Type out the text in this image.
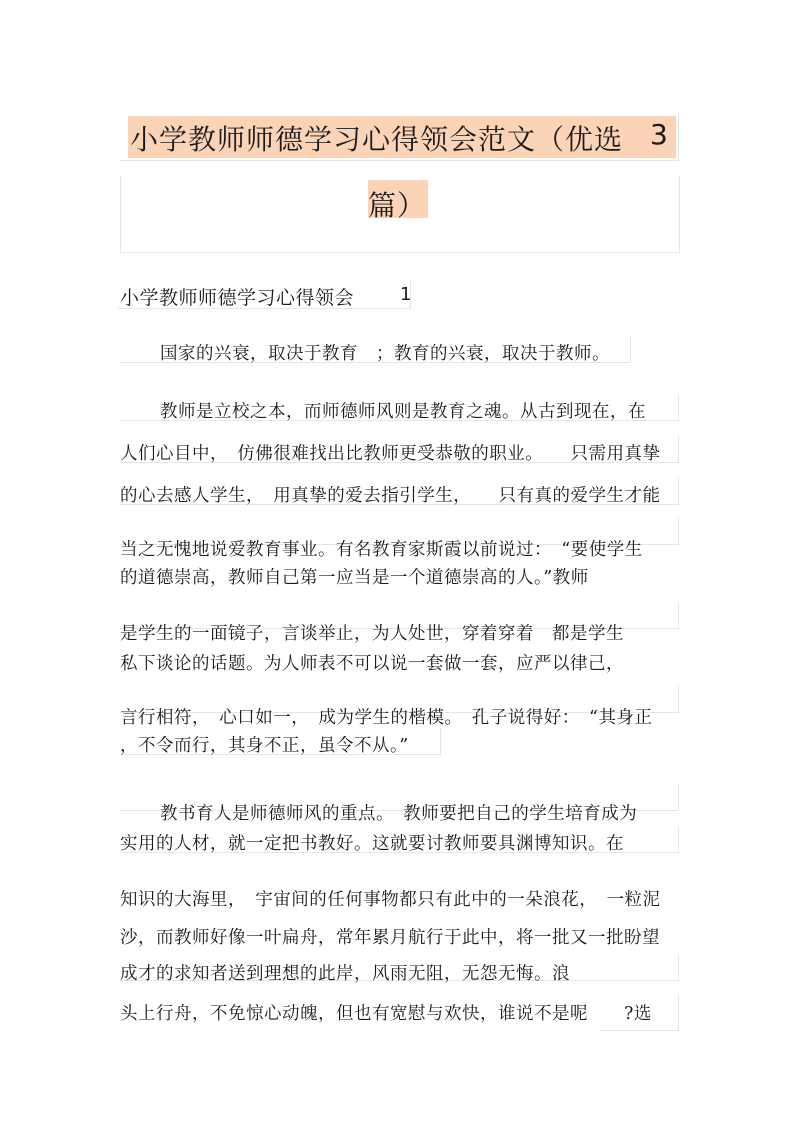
小学教师师德学习心得领会范文（优选 3
篇）
小学教师师德学习心得领会	1
国家的兴衰，取决于教育　；教育的兴衰，取决于教师。
教师是立校之本，而师德师风则是教育之魂。从古到现在，在
人们心目中，　仿佛很难找出比教师更受恭敬的职业。　　只需用真挚
的心去感人学生，　用真挚的爱去指引学生，　　只有真的爱学生才能
当之无愧地说爱教育事业。有名教育家斯霞以前说过：　“要使学生
的道德崇高，教师自己第一应当是一个道德崇高的人。”教师
是学生的一面镜子，言谈举止，为人处世，穿着穿着　都是学生
私下谈论的话题。为人师表不可以说一套做一套，应严以律己，
言行相符，　心口如一，　成为学生的楷模。　孔子说得好：　“其身正
，不令而行，其身不正，虽令不从。”
教书育人是师德师风的重点。　教师要把自己的学生培育成为
实用的人材，就一定把书教好。这就要讨教师要具渊博知识。在
知识的大海里，　宇宙间的任何事物都只有此中的一朵浪花，　一粒泥
沙，而教师好像一叶扁舟，常年累月航行于此中，将一批又一批盼望
成才的求知者送到理想的此岸，风雨无阻，无怨无悔。浪
头上行舟，不免惊心动魄，但也有宽慰与欢快，谁说不是呢　　?选
